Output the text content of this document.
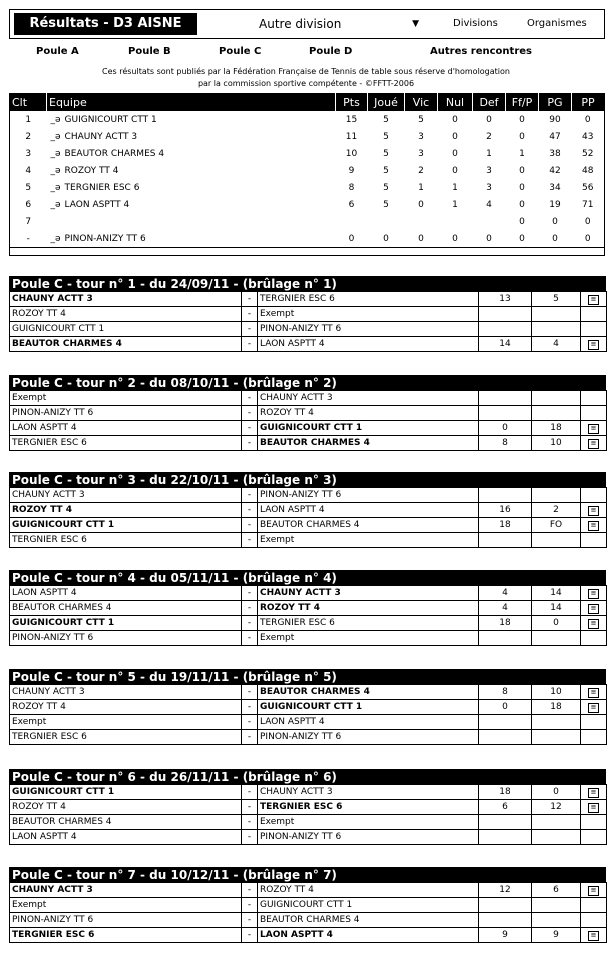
Résultats - D3 AISNE	Autre division	▼	Divisions	Organismes
Poule A	Poule B	Poule C	Poule D	Autres rencontres
Ces résultats sont publiés par la Fédération Française de Tennis de table sous réserve d'homologation
par la commission sportive compétente - ©FFTT-2006
Clt	Equipe	Pts	Joué	Vic	Nul	Def	Ff/P	PG	PP
1	_ə GUIGNICOURT CTT 1	15	5	5	0	0	0	90	0
2	_ə CHAUNY ACTT 3	11	5	3	0	2	0	47	43
3	_ə BEAUTOR CHARMES 4	10	5	3	0	1	1	38	52
4	_ə ROZOY TT 4	9	5	2	0	3	0	42	48
5	_ə TERGNIER ESC 6	8	5	1	1	3	0	34	56
6	_ə LAON ASPTT 4	6	5	0	1	4	0	19	71
7							0	0	0
-	_ə PINON-ANIZY TT 6	0	0	0	0	0	0	0	0
Poule C - tour n° 1 - du 24/09/11 - (brûlage n° 1)
CHAUNY ACTT 3	-	TERGNIER ESC 6	13	5	≡
ROZOY TT 4	-	Exempt			
GUIGNICOURT CTT 1	-	PINON-ANIZY TT 6			
BEAUTOR CHARMES 4	-	LAON ASPTT 4	14	4	≡
Poule C - tour n° 2 - du 08/10/11 - (brûlage n° 2)
Exempt	-	CHAUNY ACTT 3			
PINON-ANIZY TT 6	-	ROZOY TT 4			
LAON ASPTT 4	-	GUIGNICOURT CTT 1	0	18	≡
TERGNIER ESC 6	-	BEAUTOR CHARMES 4	8	10	≡
Poule C - tour n° 3 - du 22/10/11 - (brûlage n° 3)
CHAUNY ACTT 3	-	PINON-ANIZY TT 6			
ROZOY TT 4	-	LAON ASPTT 4	16	2	≡
GUIGNICOURT CTT 1	-	BEAUTOR CHARMES 4	18	FO	≡
TERGNIER ESC 6	-	Exempt			
Poule C - tour n° 4 - du 05/11/11 - (brûlage n° 4)
LAON ASPTT 4	-	CHAUNY ACTT 3	4	14	≡
BEAUTOR CHARMES 4	-	ROZOY TT 4	4	14	≡
GUIGNICOURT CTT 1	-	TERGNIER ESC 6	18	0	≡
PINON-ANIZY TT 6	-	Exempt			
Poule C - tour n° 5 - du 19/11/11 - (brûlage n° 5)
CHAUNY ACTT 3	-	BEAUTOR CHARMES 4	8	10	≡
ROZOY TT 4	-	GUIGNICOURT CTT 1	0	18	≡
Exempt	-	LAON ASPTT 4			
TERGNIER ESC 6	-	PINON-ANIZY TT 6			
Poule C - tour n° 6 - du 26/11/11 - (brûlage n° 6)
GUIGNICOURT CTT 1	-	CHAUNY ACTT 3	18	0	≡
ROZOY TT 4	-	TERGNIER ESC 6	6	12	≡
BEAUTOR CHARMES 4	-	Exempt			
LAON ASPTT 4	-	PINON-ANIZY TT 6			
Poule C - tour n° 7 - du 10/12/11 - (brûlage n° 7)
CHAUNY ACTT 3	-	ROZOY TT 4	12	6	≡
Exempt	-	GUIGNICOURT CTT 1			
PINON-ANIZY TT 6	-	BEAUTOR CHARMES 4			
TERGNIER ESC 6	-	LAON ASPTT 4	9	9	≡
